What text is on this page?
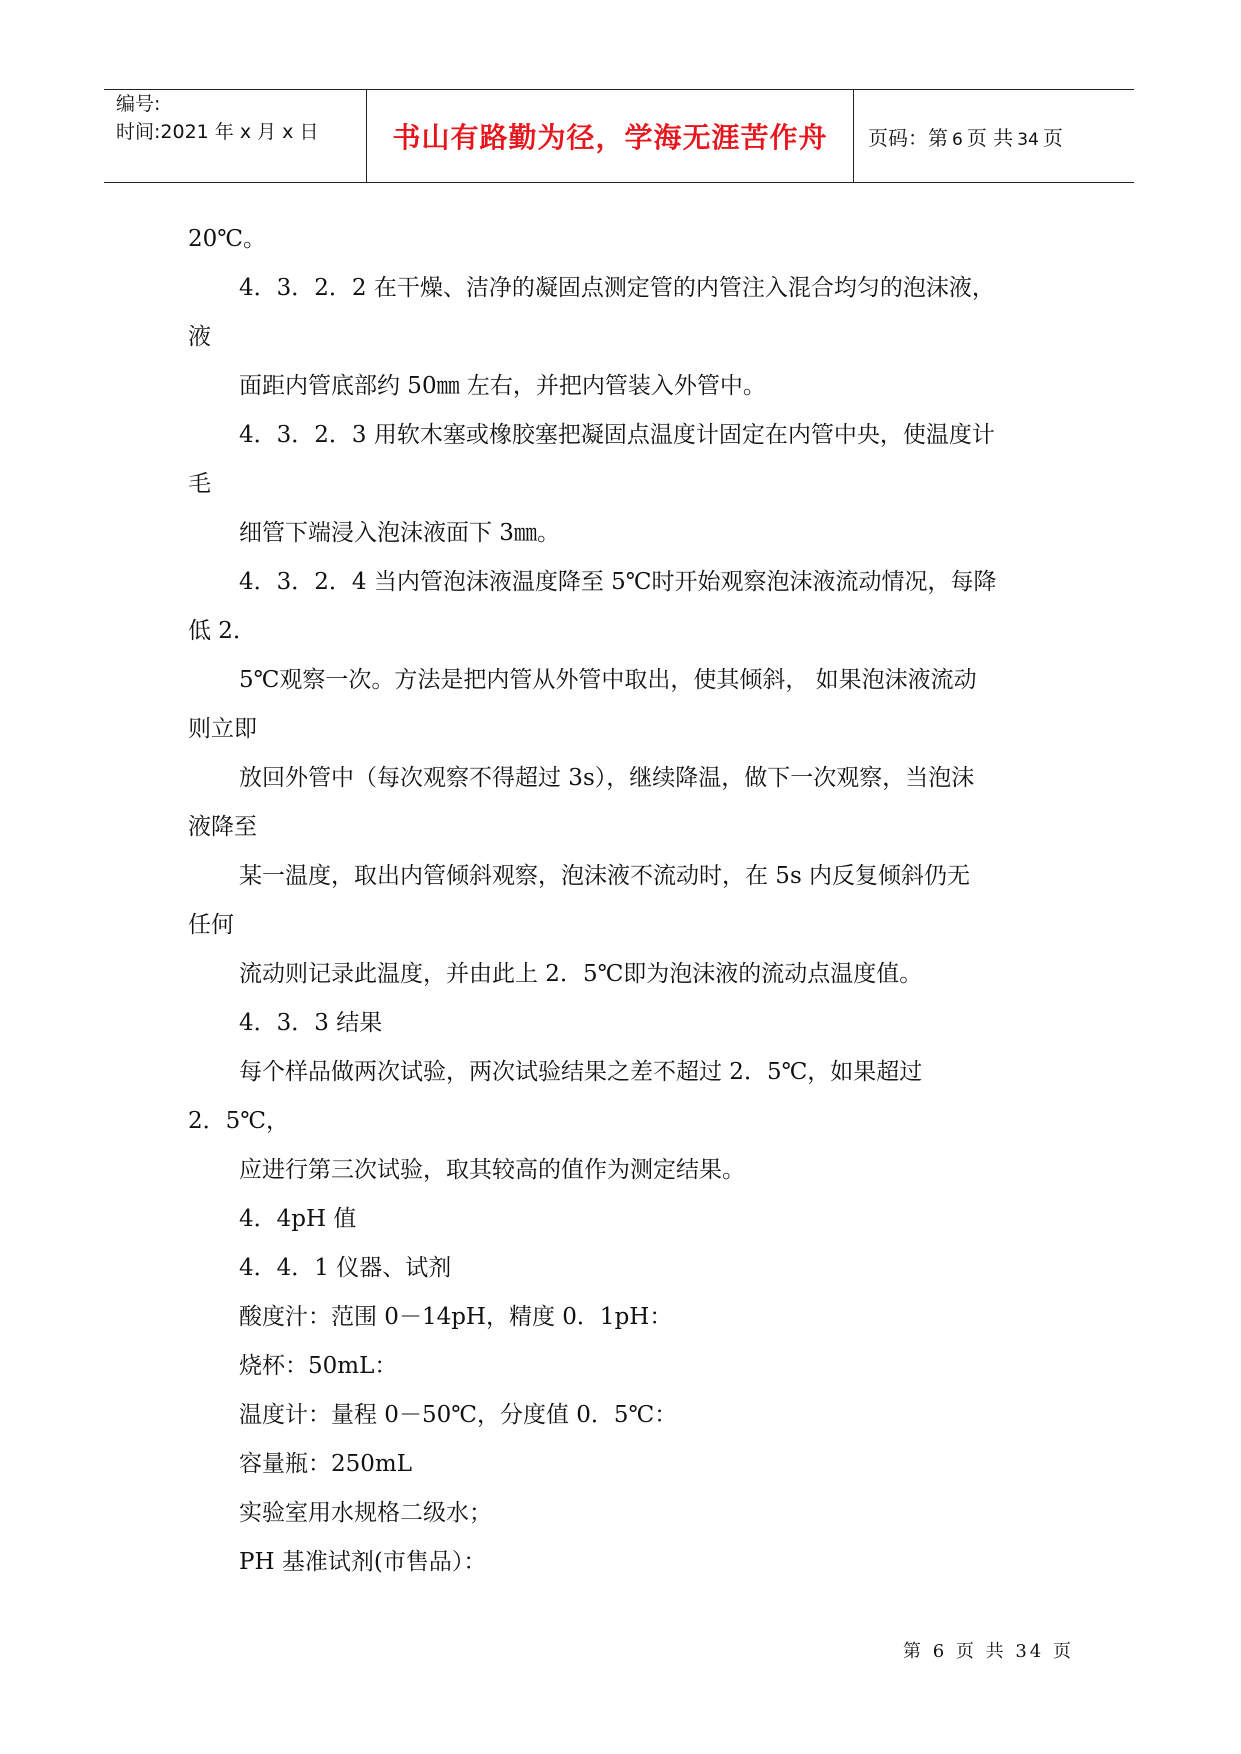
编号:
时间:2021 年 x 月 x 日	书山有路勤为径，学海无涯苦作舟 页码：第 6 页 共 34 页
20℃。
4．3．2．2 在干燥、洁净的凝固点测定管的内管注入混合均匀的泡沫液，
液
面距内管底部约 50㎜ 左右，并把内管装入外管中。
4．3．2．3 用软木塞或橡胶塞把凝固点温度计固定在内管中央，使温度计
毛
细管下端浸入泡沫液面下 3㎜。
4．3．2．4 当内管泡沫液温度降至 5℃时开始观察泡沫液流动情况，每降
低 2．
5℃观察一次。方法是把内管从外管中取出，使其倾斜， 如果泡沫液流动
则立即
放回外管中（每次观察不得超过 3s），继续降温，做下一次观察，当泡沫
液降至
某一温度，取出内管倾斜观察，泡沫液不流动时，在 5s 内反复倾斜仍无
任何
流动则记录此温度，并由此上 2．5℃即为泡沫液的流动点温度值。
4．3．3 结果
每个样品做两次试验，两次试验结果之差不超过 2．5℃，如果超过
2．5℃，
应进行第三次试验，取其较高的值作为测定结果。
4．4pH 值
4．4．1 仪器、试剂
酸度汁：范围 0－14pH，精度 0．1pH：
烧杯：50mL：
温度计：量程 0－50℃，分度值 0．5℃：
容量瓶：250mL
实验室用水规格二级水；
PH 基准试剂(市售品）：
第 6 页 共 34 页
